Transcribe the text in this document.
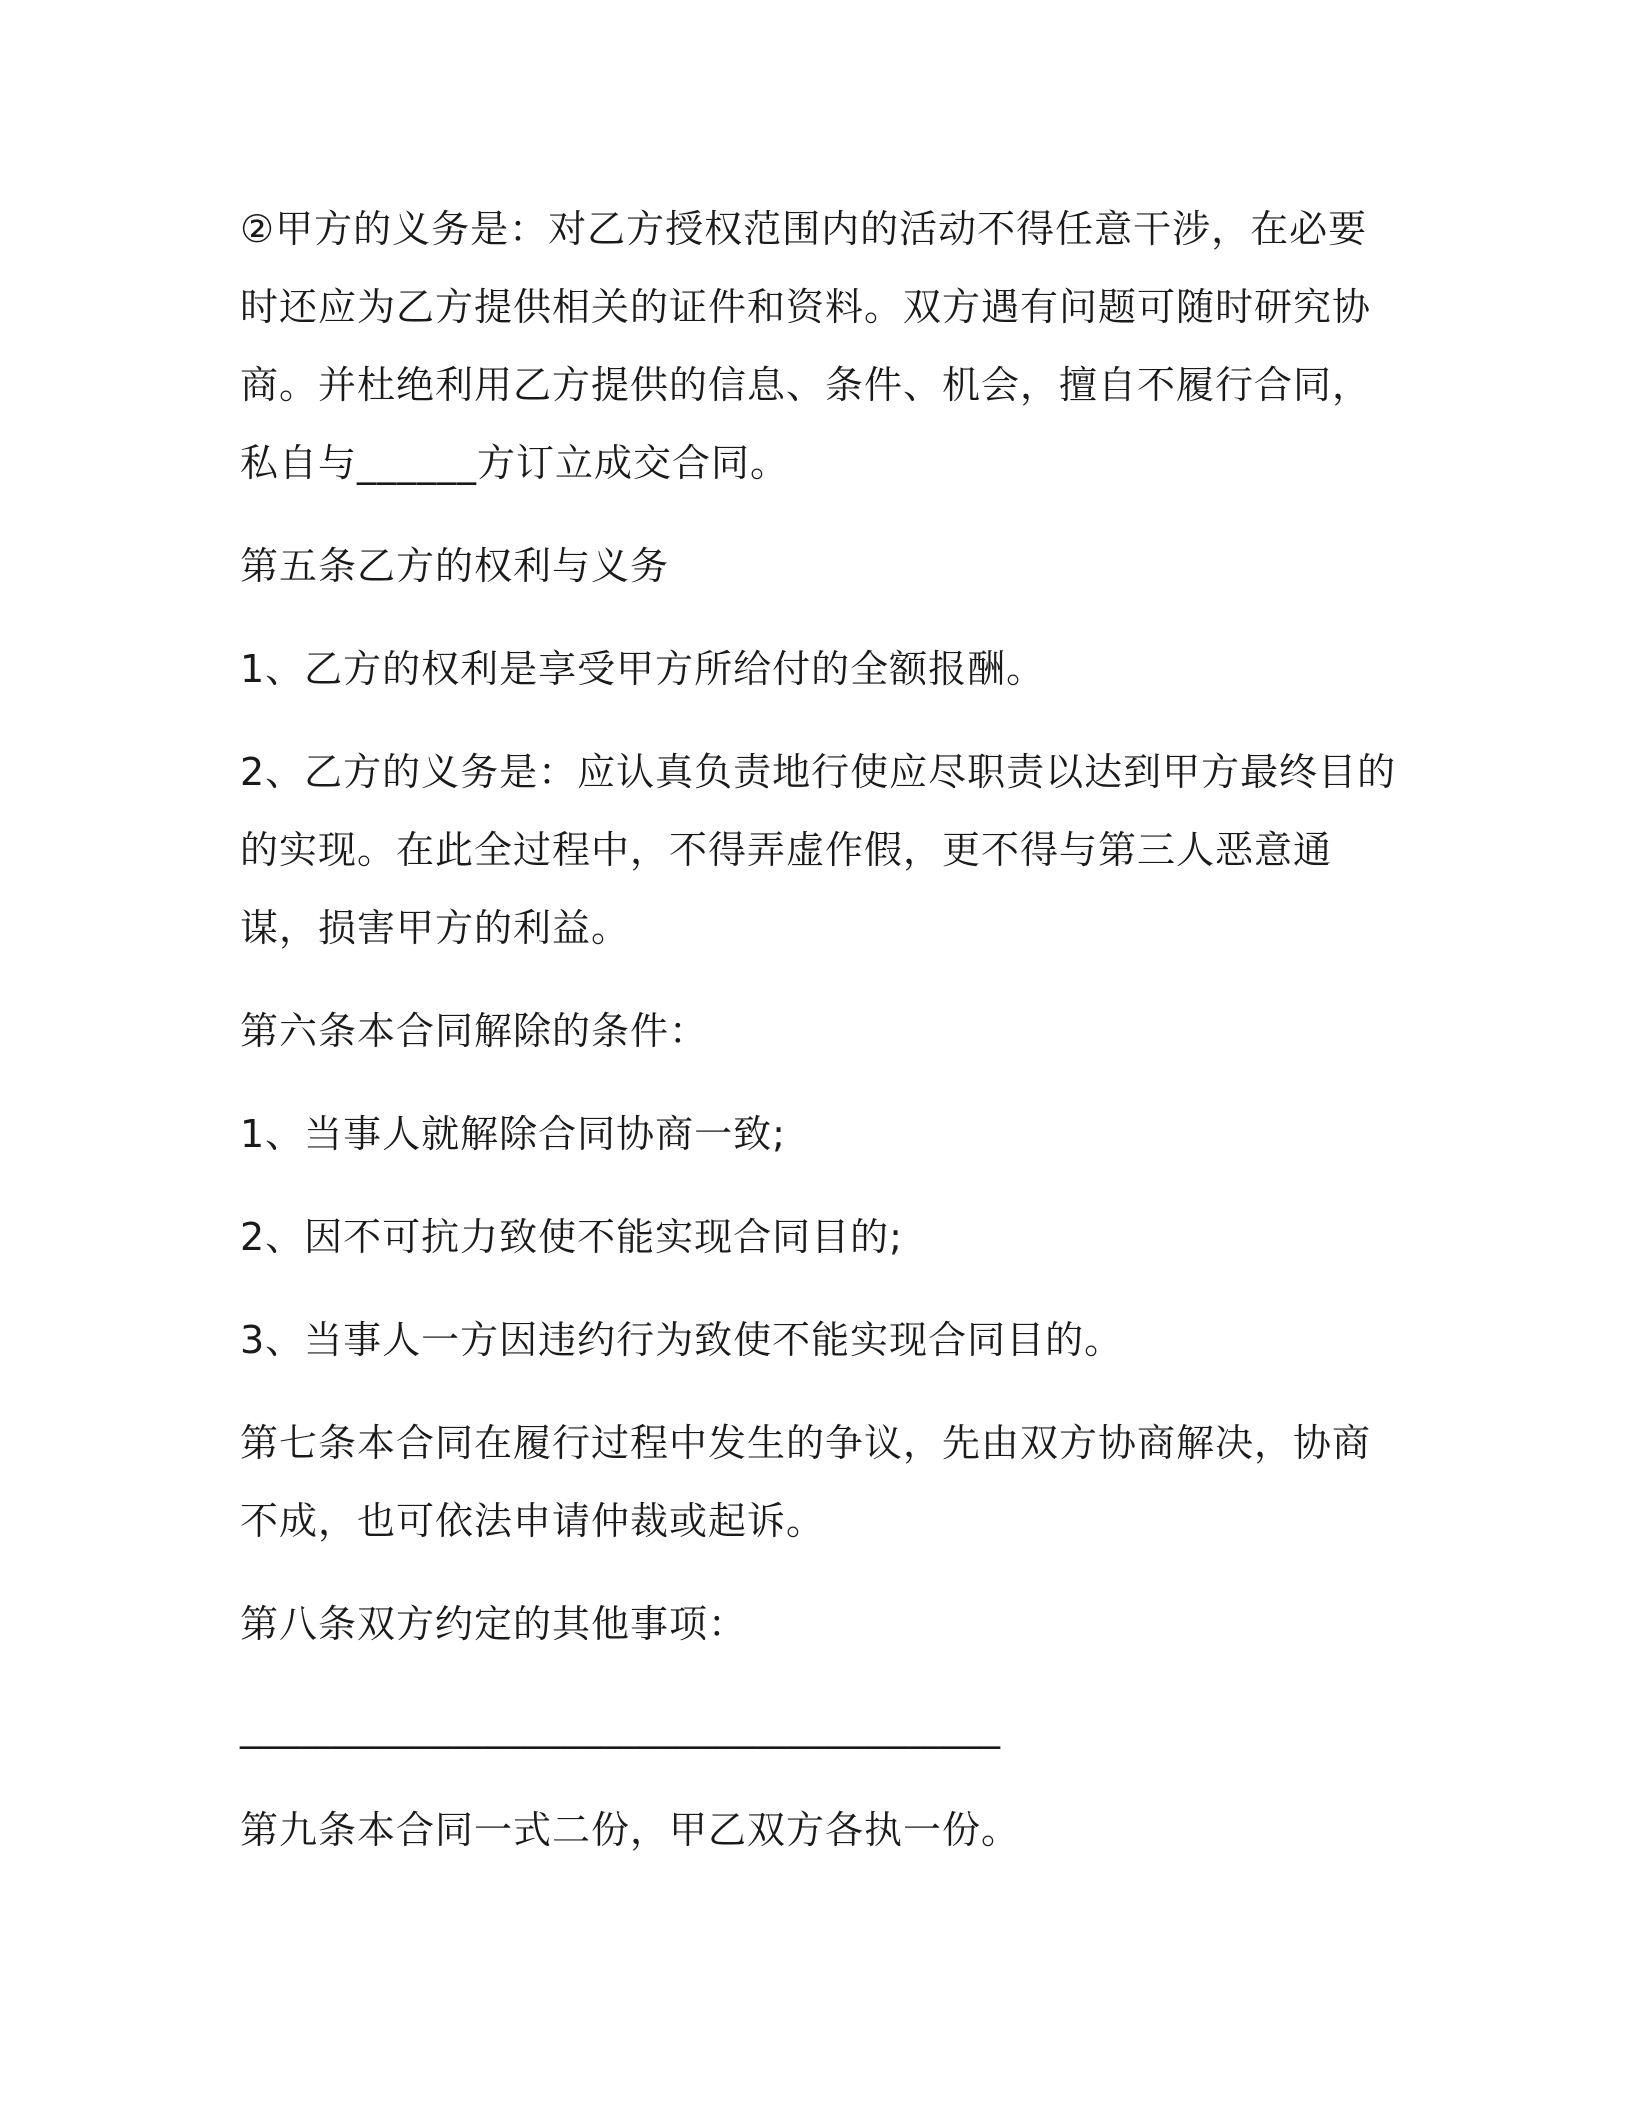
②甲方的义务是：对乙方授权范围内的活动不得任意干涉，在必要时还应为乙方提供相关的证件和资料。双方遇有问题可随时研究协商。并杜绝利用乙方提供的信息、条件、机会，擅自不履行合同，私自与______方订立成交合同。

第五条乙方的权利与义务

1、乙方的权利是享受甲方所给付的全额报酬。

2、乙方的义务是：应认真负责地行使应尽职责以达到甲方最终目的的实现。在此全过程中，不得弄虚作假，更不得与第三人恶意通谋，损害甲方的利益。

第六条本合同解除的条件：

1、当事人就解除合同协商一致;

2、因不可抗力致使不能实现合同目的;

3、当事人一方因违约行为致使不能实现合同目的。

第七条本合同在履行过程中发生的争议，先由双方协商解决，协商不成，也可依法申请仲裁或起诉。

第八条双方约定的其他事项：

________________________________________

第九条本合同一式二份，甲乙双方各执一份。
